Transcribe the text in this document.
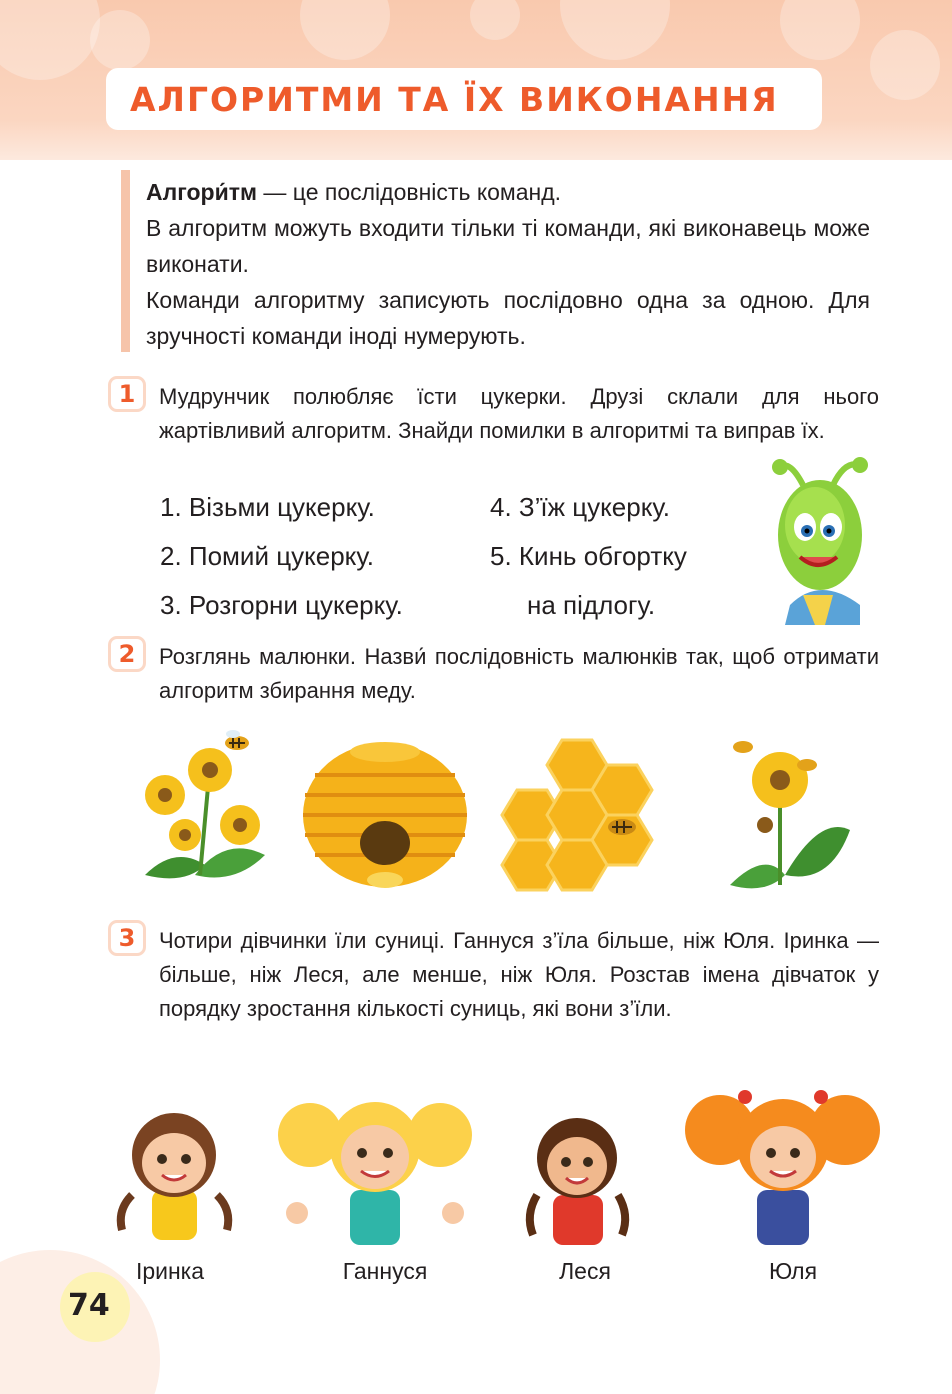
АЛГОРИТМИ ТА ЇХ ВИКОНАННЯ

Алгори́тм — це послідовність команд.

В алгоритм можуть входити тільки ті команди, які виконавець може виконати.

Команди алгоритму записують послідовно одна за одною. Для зручності команди іноді нумерують.

1	Мудрунчик полюбляє їсти цукерки. Друзі склали для нього жартівливий алгоритм. Знайди помилки в алгоритмі та виправ їх.
1. Візьми цукерку.
2. Помий цукерку.
3. Розгорни цукерку.
4. З’їж цукерку.
5. Кинь обгортку
на підлогу.
2	Розглянь малюнки. Назви́ послідовність малюнків так, щоб отримати алгоритм збирання меду.
3	Чотири дівчинки їли суниці. Ганнуся з’їла більше, ніж Юля. Іринка — більше, ніж Леся, але менше, ніж Юля. Розстав імена дівчаток у порядку зростання кількості суниць, які вони з’їли.
Іринка	Ганнуся	Леся	Юля
74
